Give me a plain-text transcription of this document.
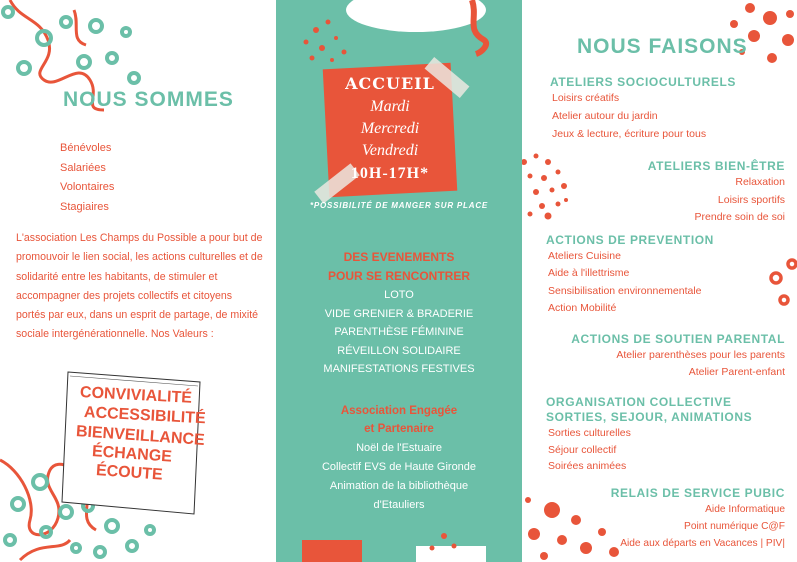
NOUS SOMMES
Bénévoles
Salariées
Volontaires
Stagiaires

L'association Les Champs du Possible a pour but de promouvoir le lien social, les actions culturelles et de solidarité entre les habitants, de stimuler et accompagner des projets collectifs et citoyens portés par eux, dans un esprit de partage, de mixité sociale intergénérationnelle. Nos Valeurs :

CONVIVIALITÉ
ACCESSIBILITÉ
BIENVEILLANCE
ÉCHANGE
ÉCOUTE
ACCUEIL
Mardi
Mercredi
Vendredi
10H-17H*
*POSSIBILITÉ DE MANGER SUR PLACE
DES EVENEMENTS
POUR SE RENCONTRER
LOTO
VIDE GRENIER & BRADERIE
PARENTHÈSE FÉMININE
RÉVEILLON SOLIDAIRE
MANIFESTATIONS FESTIVES
Association Engagée
et Partenaire
Noël de l'Estuaire
Collectif EVS de Haute Gironde
Animation de la bibliothèque
d'Etauliers
NOUS FAISONS
ATELIERS SOCIOCULTURELS
Loisirs créatifs
Atelier autour du jardin
Jeux & lecture, écriture pour tous
ATELIERS BIEN-ÊTRE
Relaxation
Loisirs sportifs
Prendre soin de soi
ACTIONS DE PREVENTION
Ateliers Cuisine
Aide à l'illettrisme
Sensibilisation environnementale
Action Mobilité
ACTIONS DE SOUTIEN PARENTAL
Atelier parenthèses pour les parents
Atelier Parent-enfant
ORGANISATION COLLECTIVE
SORTIES, SEJOUR, ANIMATIONS
Sorties culturelles
Séjour collectif
Soirées animées
RELAIS DE SERVICE PUBIC
Aide Informatique
Point numérique C@F
Aide aux départs en Vacances | PIV|
